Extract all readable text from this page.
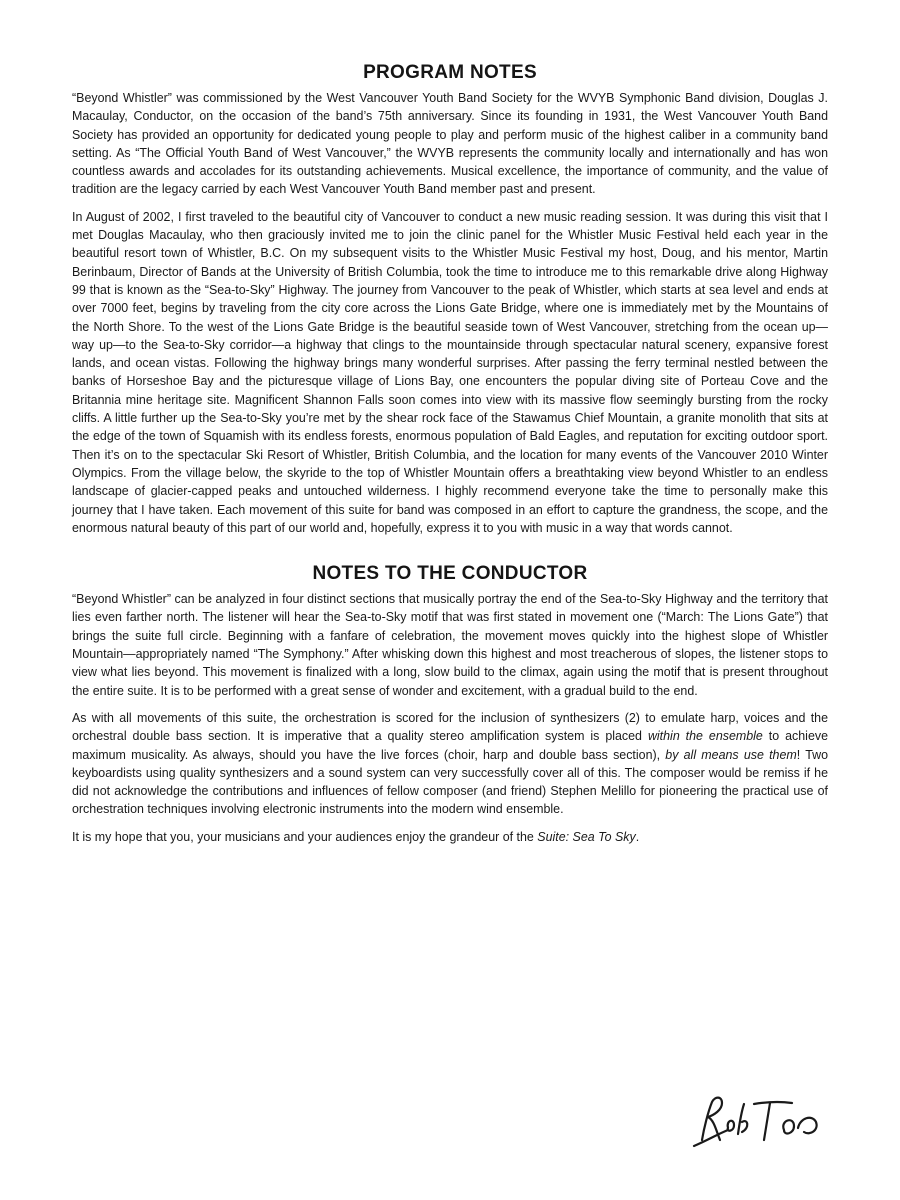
PROGRAM NOTES

“Beyond Whistler” was commissioned by the West Vancouver Youth Band Society for the WVYB Symphonic Band division, Douglas J. Macaulay, Conductor, on the occasion of the band’s 75th anniversary. Since its founding in 1931, the West Vancouver Youth Band Society has provided an opportunity for dedicated young people to play and perform music of the highest caliber in a community band setting. As “The Official Youth Band of West Vancouver,” the WVYB represents the community locally and internationally and has won countless awards and accolades for its outstanding achievements. Musical excellence, the importance of community, and the value of tradition are the legacy carried by each West Vancouver Youth Band member past and present.

In August of 2002, I first traveled to the beautiful city of Vancouver to conduct a new music reading session. It was during this visit that I met Douglas Macaulay, who then graciously invited me to join the clinic panel for the Whistler Music Festival held each year in the beautiful resort town of Whistler, B.C. On my subsequent visits to the Whistler Music Festival my host, Doug, and his mentor, Martin Berinbaum, Director of Bands at the University of British Columbia, took the time to introduce me to this remarkable drive along Highway 99 that is known as the “Sea-to-Sky” Highway. The journey from Vancouver to the peak of Whistler, which starts at sea level and ends at over 7000 feet, begins by traveling from the city core across the Lions Gate Bridge, where one is immediately met by the Mountains of the North Shore. To the west of the Lions Gate Bridge is the beautiful seaside town of West Vancouver, stretching from the ocean up—way up—to the Sea-to-Sky corridor—a highway that clings to the mountainside through spectacular natural scenery, expansive forest lands, and ocean vistas. Following the highway brings many wonderful surprises. After passing the ferry terminal nestled between the banks of Horseshoe Bay and the picturesque village of Lions Bay, one encounters the popular diving site of Porteau Cove and the Britannia mine heritage site. Magnificent Shannon Falls soon comes into view with its massive flow seemingly bursting from the rocky cliffs. A little further up the Sea-to-Sky you’re met by the shear rock face of the Stawamus Chief Mountain, a granite monolith that sits at the edge of the town of Squamish with its endless forests, enormous population of Bald Eagles, and reputation for exciting outdoor sport. Then it’s on to the spectacular Ski Resort of Whistler, British Columbia, and the location for many events of the Vancouver 2010 Winter Olympics. From the village below, the skyride to the top of Whistler Mountain offers a breathtaking view beyond Whistler to an endless landscape of glacier-capped peaks and untouched wilderness. I highly recommend everyone take the time to personally make this journey that I have taken. Each movement of this suite for band was composed in an effort to capture the grandness, the scope, and the enormous natural beauty of this part of our world and, hopefully, express it to you with music in a way that words cannot.

NOTES TO THE CONDUCTOR

“Beyond Whistler” can be analyzed in four distinct sections that musically portray the end of the Sea-to-Sky Highway and the territory that lies even farther north. The listener will hear the Sea-to-Sky motif that was first stated in movement one (“March: The Lions Gate”) that brings the suite full circle. Beginning with a fanfare of celebration, the movement moves quickly into the highest slope of Whistler Mountain—appropriately named “The Symphony.” After whisking down this highest and most treacherous of slopes, the listener stops to view what lies beyond. This movement is finalized with a long, slow build to the climax, again using the motif that is present throughout the entire suite. It is to be performed with a great sense of wonder and excitement, with a gradual build to the end.

As with all movements of this suite, the orchestration is scored for the inclusion of synthesizers (2) to emulate harp, voices and the orchestral double bass section. It is imperative that a quality stereo amplification system is placed within the ensemble to achieve maximum musicality. As always, should you have the live forces (choir, harp and double bass section), by all means use them! Two keyboardists using quality synthesizers and a sound system can very successfully cover all of this. The composer would be remiss if he did not acknowledge the contributions and influences of fellow composer (and friend) Stephen Melillo for pioneering the practical use of orchestration techniques involving electronic instruments into the modern wind ensemble.

It is my hope that you, your musicians and your audiences enjoy the grandeur of the Suite: Sea To Sky.
